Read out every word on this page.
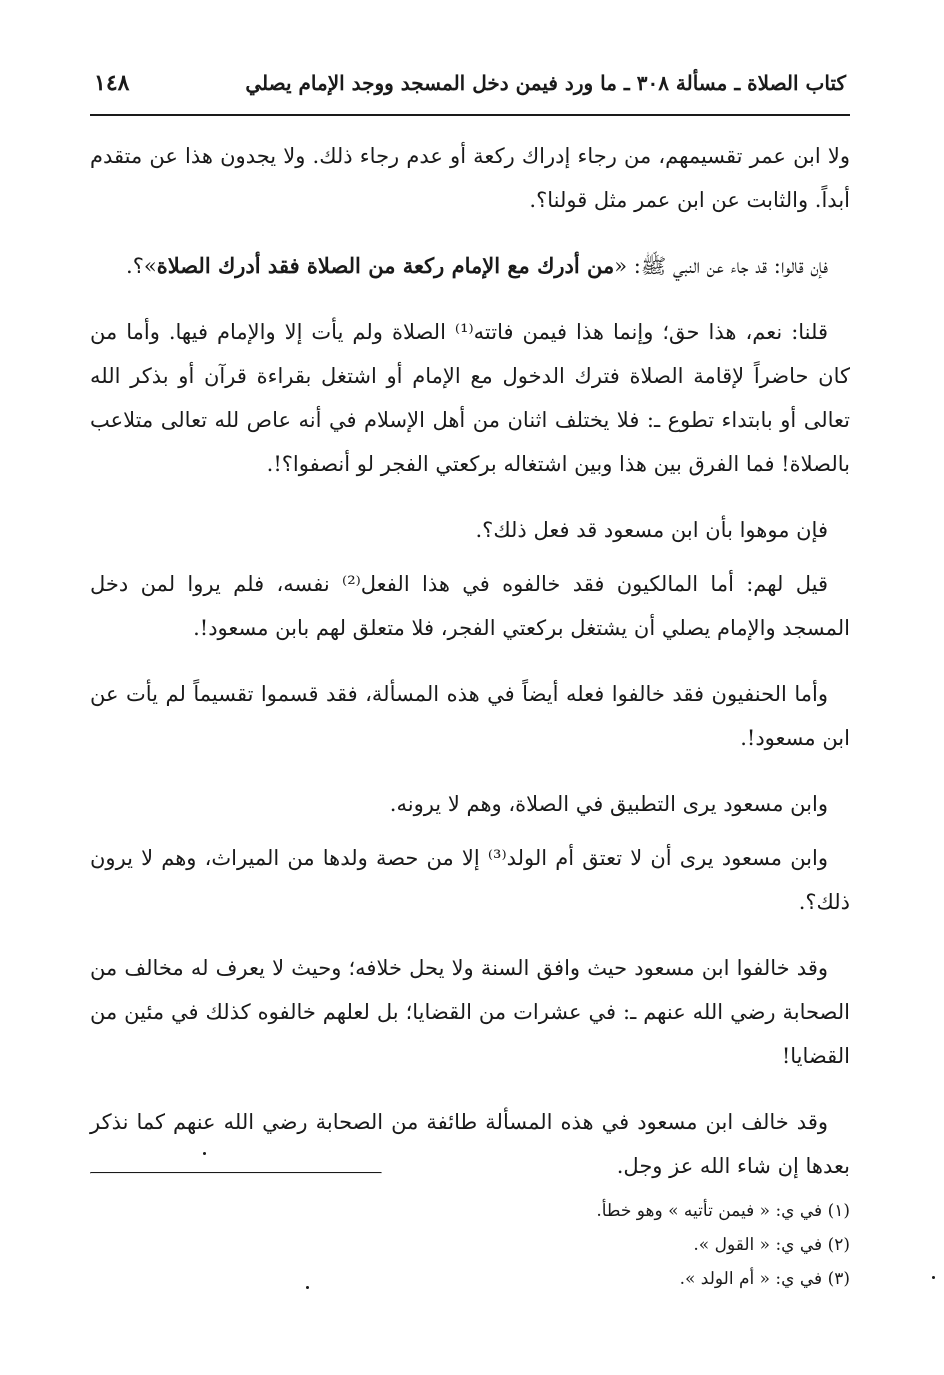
كتاب الصلاة ـ مسألة ٣٠٨ ـ ما ورد فيمن دخل المسجد ووجد الإمام يصلي
١٤٨

ولا ابن عمر تقسيمهم، من رجاء إدراك ركعة أو عدم رجاء ذلك. ولا يجدون هذا عن متقدم أبداً. والثابت عن ابن عمر مثل قولنا؟.

فإن قالوا: قد جاء عن النبي ﷺ: «من أدرك مع الإمام ركعة من الصلاة فقد أدرك الصلاة»؟.

قلنا: نعم، هذا حق؛ وإنما هذا فيمن فاتته⁽¹⁾ الصلاة ولم يأت إلا والإمام فيها. وأما من كان حاضراً لإقامة الصلاة فترك الدخول مع الإمام أو اشتغل بقراءة قرآن أو بذكر الله تعالى أو بابتداء تطوع ـ: فلا يختلف اثنان من أهل الإسلام في أنه عاص لله تعالى متلاعب بالصلاة! فما الفرق بين هذا وبين اشتغاله بركعتي الفجر لو أنصفوا؟!.

فإن موهوا بأن ابن مسعود قد فعل ذلك؟.

قيل لهم: أما المالكيون فقد خالفوه في هذا الفعل⁽²⁾ نفسه، فلم يروا لمن دخل المسجد والإمام يصلي أن يشتغل بركعتي الفجر، فلا متعلق لهم بابن مسعود!.

وأما الحنفيون فقد خالفوا فعله أيضاً في هذه المسألة، فقد قسموا تقسيماً لم يأت عن ابن مسعود!.

وابن مسعود يرى التطبيق في الصلاة، وهم لا يرونه.

وابن مسعود يرى أن لا تعتق أم الولد⁽³⁾ إلا من حصة ولدها من الميراث، وهم لا يرون ذلك؟.

وقد خالفوا ابن مسعود حيث وافق السنة ولا يحل خلافه؛ وحيث لا يعرف له مخالف من الصحابة رضي الله عنهم ـ: في عشرات من القضايا؛ بل لعلهم خالفوه كذلك في مئين من القضايا!

وقد خالف ابن مسعود في هذه المسألة طائفة من الصحابة رضي الله عنهم كما نذكر بعدها إن شاء الله عز وجل.

(١) في ي: « فيمن تأتيه » وهو خطأ.
(٢) في ي: « القول ».
(٣) في ي: « أم الولد ».
